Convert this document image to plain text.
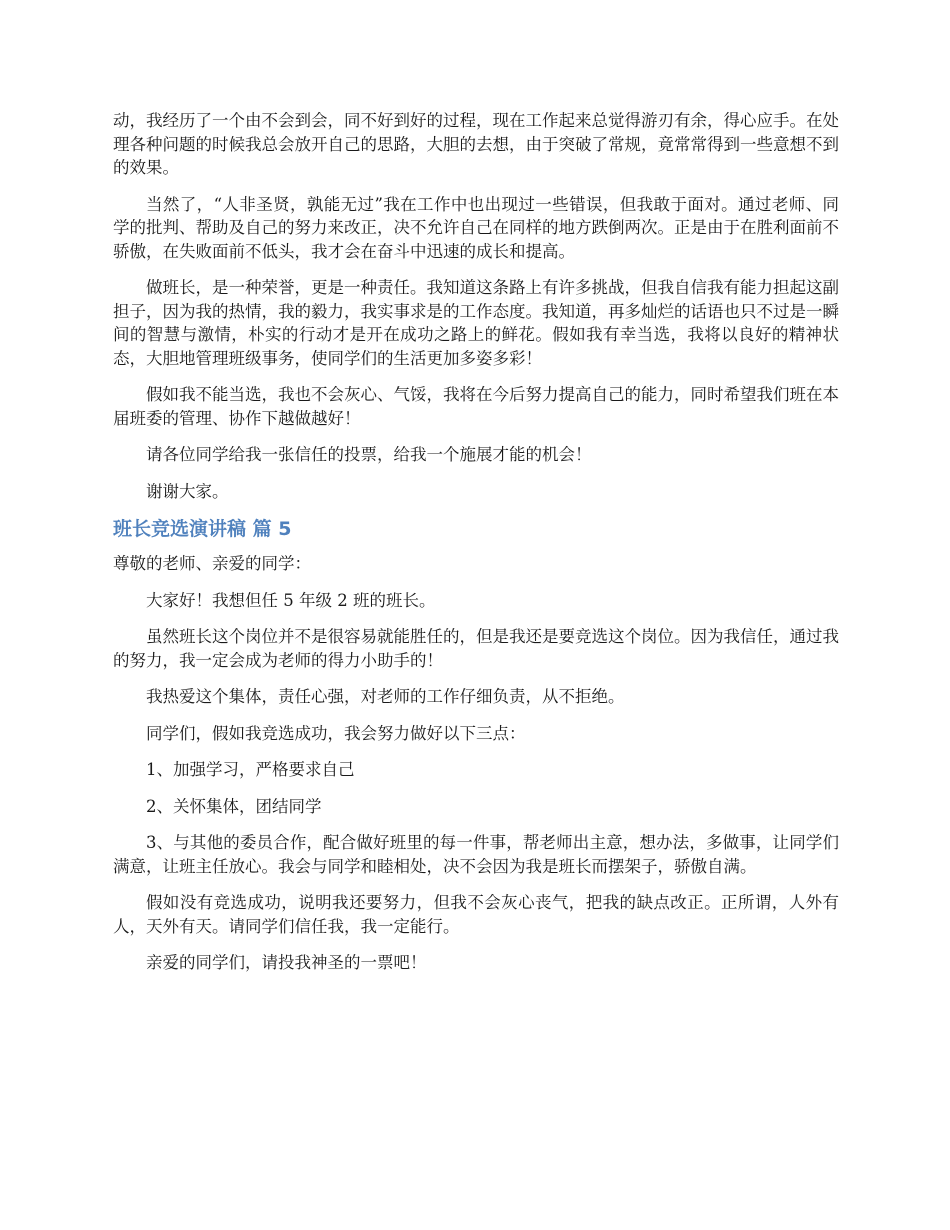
动，我经历了一个由不会到会，同不好到好的过程，现在工作起来总觉得游刃有余，得心应手。在处理各种问题的时候我总会放开自己的思路，大胆的去想，由于突破了常规，竟常常得到一些意想不到的效果。

当然了，“人非圣贤，孰能无过”我在工作中也出现过一些错误，但我敢于面对。通过老师、同学的批判、帮助及自己的努力来改正，决不允许自己在同样的地方跌倒两次。正是由于在胜利面前不骄傲，在失败面前不低头，我才会在奋斗中迅速的成长和提高。

做班长，是一种荣誉，更是一种责任。我知道这条路上有许多挑战，但我自信我有能力担起这副担子，因为我的热情，我的毅力，我实事求是的工作态度。我知道，再多灿烂的话语也只不过是一瞬间的智慧与激情，朴实的行动才是开在成功之路上的鲜花。假如我有幸当选，我将以良好的精神状态，大胆地管理班级事务，使同学们的生活更加多姿多彩！

假如我不能当选，我也不会灰心、气馁，我将在今后努力提高自己的能力，同时希望我们班在本届班委的管理、协作下越做越好！

请各位同学给我一张信任的投票，给我一个施展才能的机会！

谢谢大家。

班长竞选演讲稿 篇 5

尊敬的老师、亲爱的同学：

大家好！我想但任 5 年级 2 班的班长。

虽然班长这个岗位并不是很容易就能胜任的，但是我还是要竞选这个岗位。因为我信任，通过我的努力，我一定会成为老师的得力小助手的！

我热爱这个集体，责任心强，对老师的工作仔细负责，从不拒绝。

同学们，假如我竞选成功，我会努力做好以下三点：

1、加强学习，严格要求自己

2、关怀集体，团结同学

3、与其他的委员合作，配合做好班里的每一件事，帮老师出主意，想办法，多做事，让同学们满意，让班主任放心。我会与同学和睦相处，决不会因为我是班长而摆架子，骄傲自满。

假如没有竞选成功，说明我还要努力，但我不会灰心丧气，把我的缺点改正。正所谓，人外有人，天外有天。请同学们信任我，我一定能行。

亲爱的同学们，请投我神圣的一票吧！
